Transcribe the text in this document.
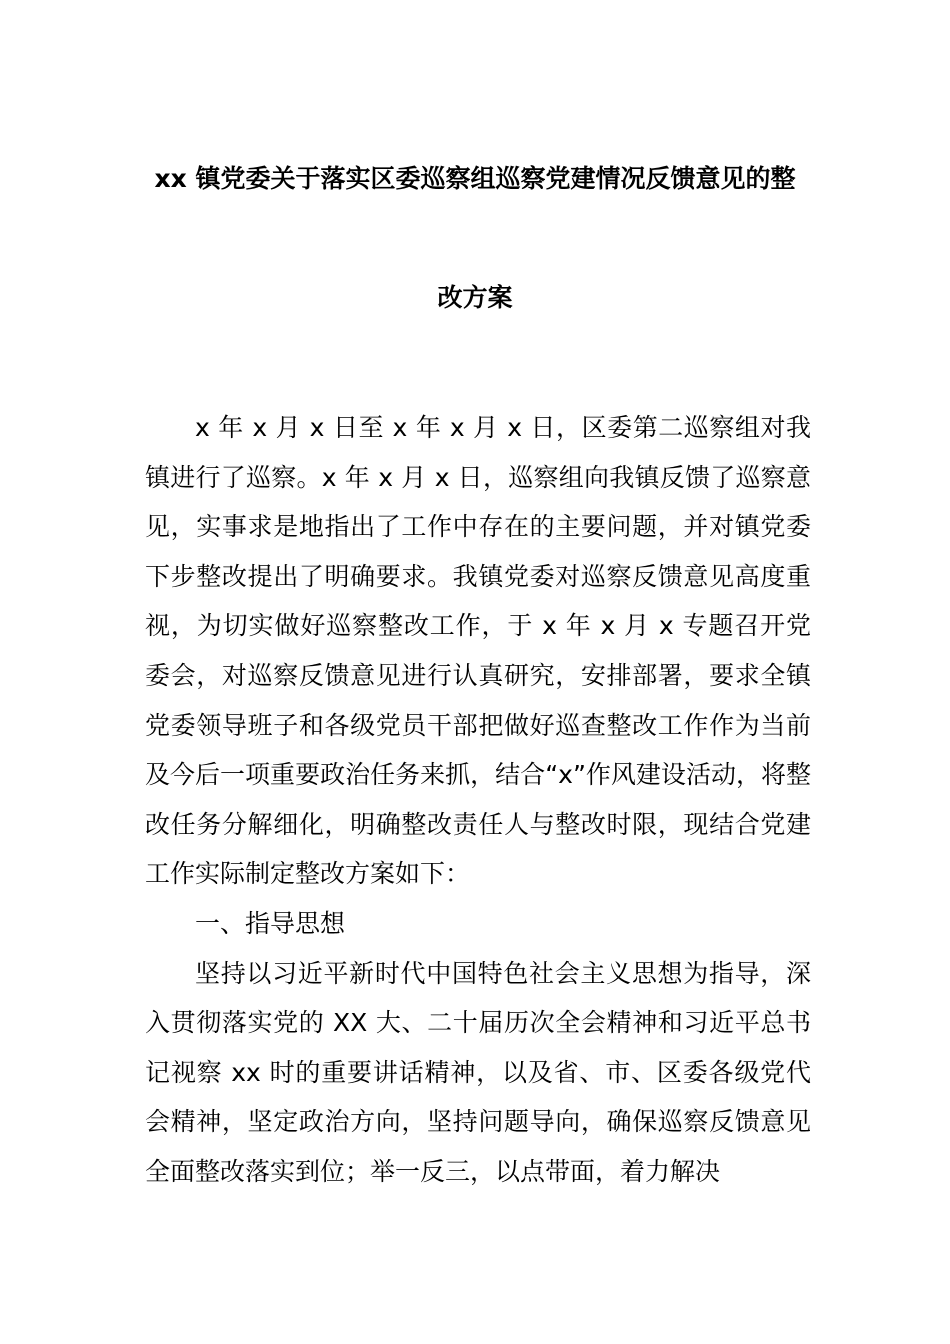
xx 镇党委关于落实区委巡察组巡察党建情况反馈意见的整
改方案

x 年 x 月 x 日至 x 年 x 月 x 日，区委第二巡察组对我镇进行了巡察。x 年 x 月 x 日，巡察组向我镇反馈了巡察意见，实事求是地指出了工作中存在的主要问题，并对镇党委下步整改提出了明确要求。我镇党委对巡察反馈意见高度重视，为切实做好巡察整改工作，于 x 年 x 月 x 专题召开党委会，对巡察反馈意见进行认真研究，安排部署，要求全镇党委领导班子和各级党员干部把做好巡查整改工作作为当前及今后一项重要政治任务来抓，结合“x”作风建设活动，将整改任务分解细化，明确整改责任人与整改时限，现结合党建工作实际制定整改方案如下：

一、指导思想

坚持以习近平新时代中国特色社会主义思想为指导，深入贯彻落实党的 XX 大、二十届历次全会精神和习近平总书记视察 xx 时的重要讲话精神，以及省、市、区委各级党代会精神，坚定政治方向，坚持问题导向，确保巡察反馈意见全面整改落实到位；举一反三，以点带面，着力解决
